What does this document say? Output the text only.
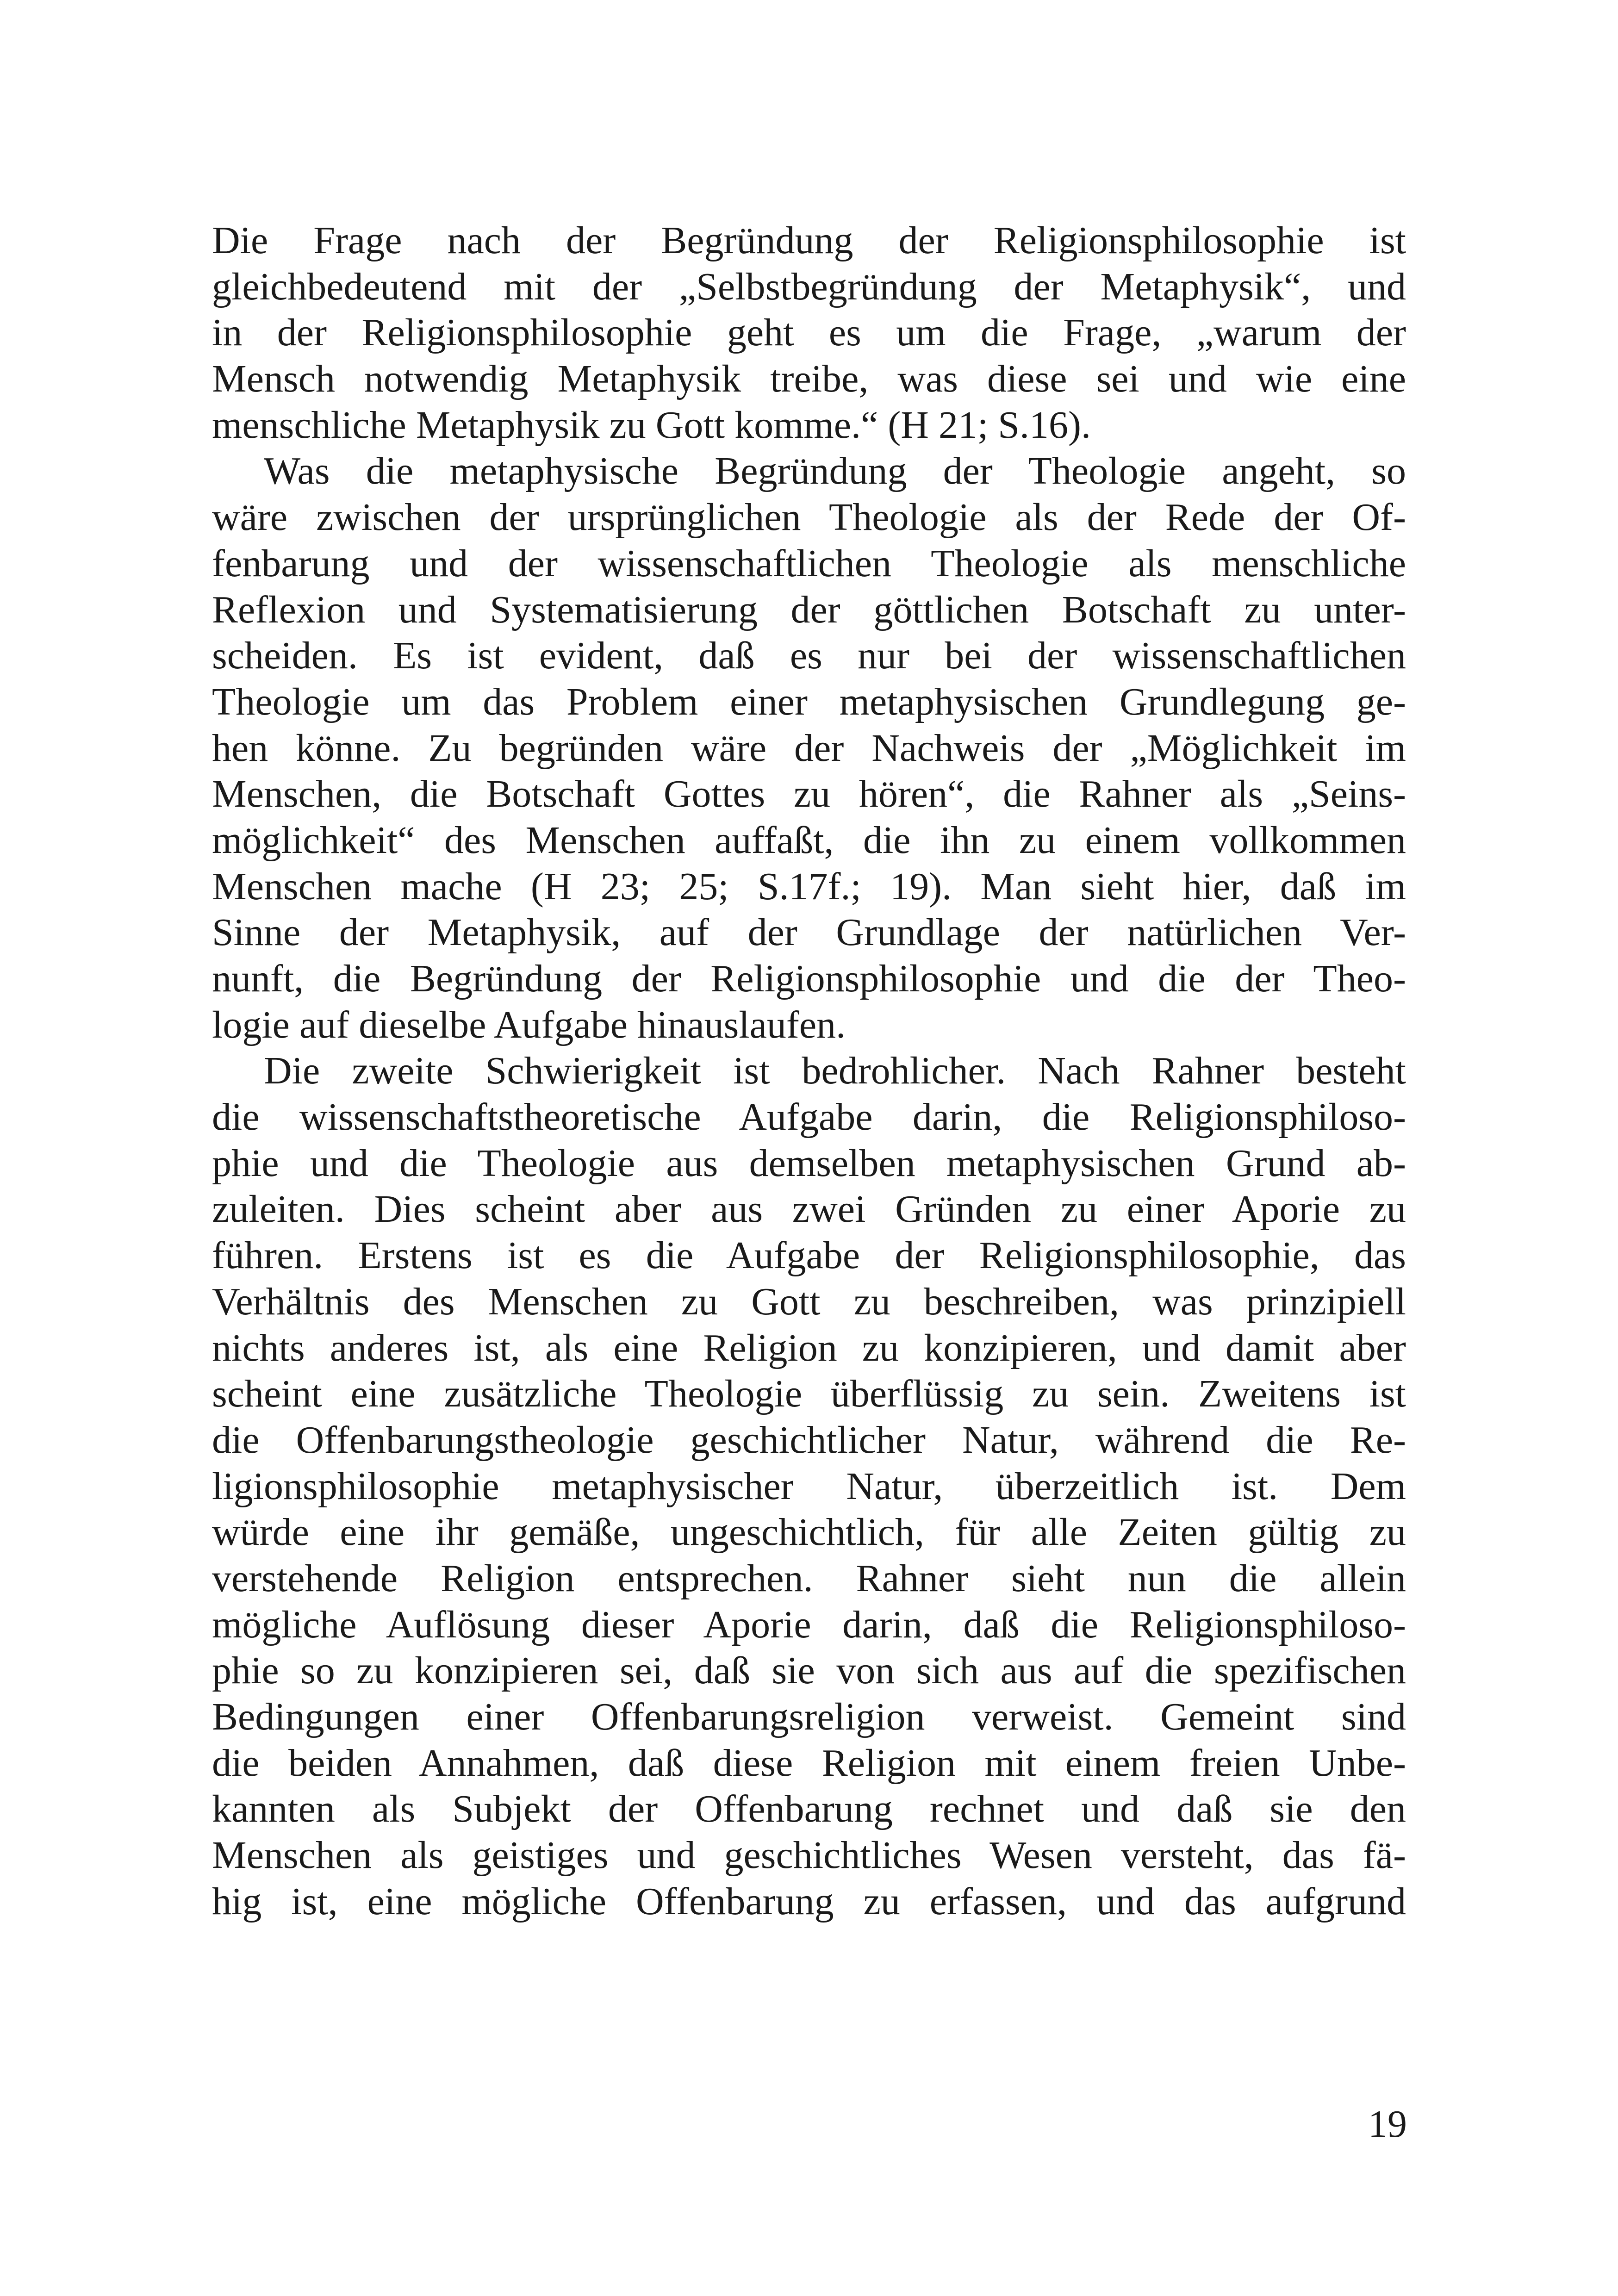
Die Frage nach der Begründung der Religionsphilosophie ist
gleichbedeutend mit der „Selbstbegründung der Metaphysik“, und
in der Religionsphilosophie geht es um die Frage, „warum der
Mensch notwendig Metaphysik treibe, was diese sei und wie eine
menschliche Metaphysik zu Gott komme.“ (H 21; S.16).
Was die metaphysische Begründung der Theologie angeht, so
wäre zwischen der ursprünglichen Theologie als der Rede der Of-
fenbarung und der wissenschaftlichen Theologie als menschliche
Reflexion und Systematisierung der göttlichen Botschaft zu unter-
scheiden. Es ist evident, daß es nur bei der wissenschaftlichen
Theologie um das Problem einer metaphysischen Grundlegung ge-
hen könne. Zu begründen wäre der Nachweis der „Möglichkeit im
Menschen, die Botschaft Gottes zu hören“, die Rahner als „Seins-
möglichkeit“ des Menschen auffaßt, die ihn zu einem vollkommen
Menschen mache (H 23; 25; S.17f.; 19). Man sieht hier, daß im
Sinne der Metaphysik, auf der Grundlage der natürlichen Ver-
nunft, die Begründung der Religionsphilosophie und die der Theo-
logie auf dieselbe Aufgabe hinauslaufen.
Die zweite Schwierigkeit ist bedrohlicher. Nach Rahner besteht
die wissenschaftstheoretische Aufgabe darin, die Religionsphiloso-
phie und die Theologie aus demselben metaphysischen Grund ab-
zuleiten. Dies scheint aber aus zwei Gründen zu einer Aporie zu
führen. Erstens ist es die Aufgabe der Religionsphilosophie, das
Verhältnis des Menschen zu Gott zu beschreiben, was prinzipiell
nichts anderes ist, als eine Religion zu konzipieren, und damit aber
scheint eine zusätzliche Theologie überflüssig zu sein. Zweitens ist
die Offenbarungstheologie geschichtlicher Natur, während die Re-
ligionsphilosophie metaphysischer Natur, überzeitlich ist. Dem
würde eine ihr gemäße, ungeschichtlich, für alle Zeiten gültig zu
verstehende Religion entsprechen. Rahner sieht nun die allein
mögliche Auflösung dieser Aporie darin, daß die Religionsphiloso-
phie so zu konzipieren sei, daß sie von sich aus auf die spezifischen
Bedingungen einer Offenbarungsreligion verweist. Gemeint sind
die beiden Annahmen, daß diese Religion mit einem freien Unbe-
kannten als Subjekt der Offenbarung rechnet und daß sie den
Menschen als geistiges und geschichtliches Wesen versteht, das fä-
hig ist, eine mögliche Offenbarung zu erfassen, und das aufgrund
19
